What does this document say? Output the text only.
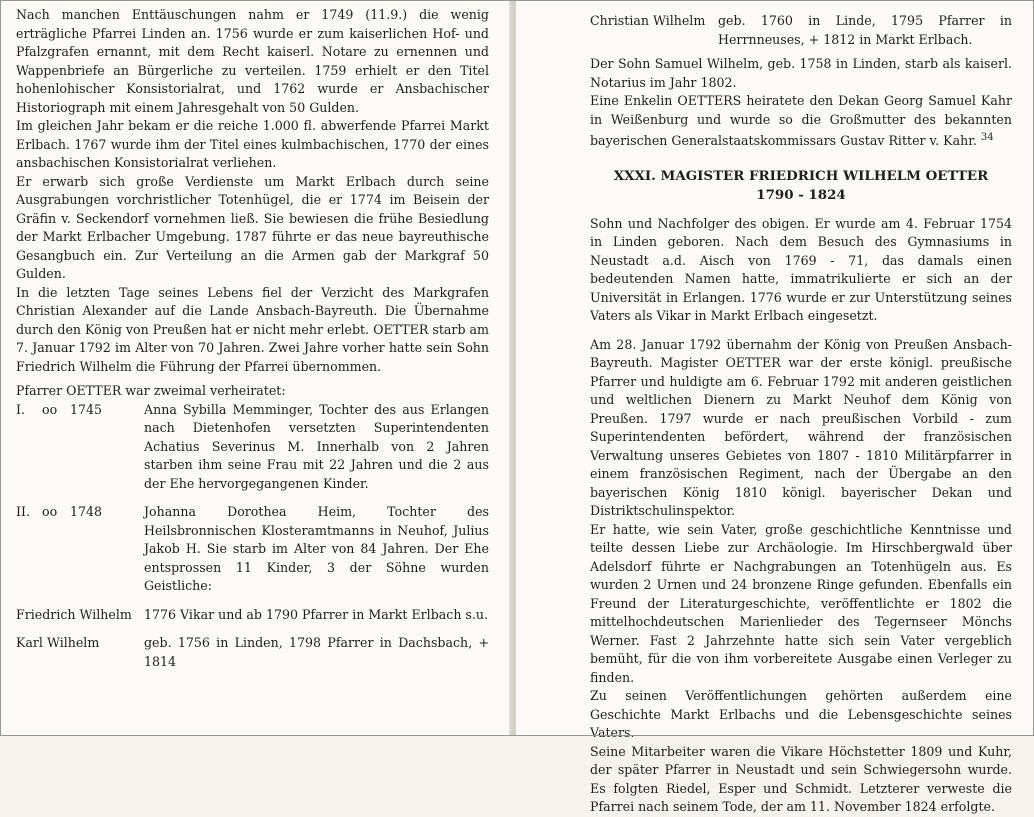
Nach manchen Enttäuschungen nahm er 1749 (11.9.) die wenig erträgliche Pfarrei Linden an. 1756 wurde er zum kaiserlichen Hof- und Pfalzgrafen ernannt, mit dem Recht kaiserl. Notare zu ernennen und Wappenbriefe an Bürgerliche zu verteilen. 1759 erhielt er den Titel hohenlohischer Konsistorialrat, und 1762 wurde er Ansbachischer Historiograph mit einem Jahresgehalt von 50 Gulden.

Im gleichen Jahr bekam er die reiche 1.000 fl. abwerfende Pfarrei Markt Erlbach. 1767 wurde ihm der Titel eines kulmbachischen, 1770 der eines ansbachischen Konsistorialrat verliehen.

Er erwarb sich große Verdienste um Markt Erlbach durch seine Ausgrabungen vorchristlicher Totenhügel, die er 1774 im Beisein der Gräfin v. Seckendorf vornehmen ließ. Sie bewiesen die frühe Besiedlung der Markt Erlbacher Umgebung. 1787 führte er das neue bayreuthische Gesangbuch ein. Zur Verteilung an die Armen gab der Markgraf 50 Gulden.

In die letzten Tage seines Lebens fiel der Verzicht des Markgrafen Christian Alexander auf die Lande Ansbach-Bayreuth. Die Übernahme durch den König von Preußen hat er nicht mehr erlebt. OETTER starb am 7. Januar 1792 im Alter von 70 Jahren. Zwei Jahre vorher hatte sein Sohn Friedrich Wilhelm die Führung der Pfarrei übernommen.

Pfarrer OETTER war zweimal verheiratet:

I.	oo	1745	Anna Sybilla Memminger, Tochter des aus Erlangen nach Dietenhofen versetzten Superintendenten Achatius Severinus M. Innerhalb von 2 Jahren starben ihm seine Frau mit 22 Jahren und die 2 aus der Ehe hervorgegangenen Kinder.
II. oo	1748	Johanna Dorothea Heim, Tochter des Heilsbronnischen Klosteramtmanns in Neuhof, Julius Jakob H. Sie starb im Alter von 84 Jahren. Der Ehe entsprossen 11 Kinder, 3 der Söhne wurden Geistliche:
Friedrich Wilhelm 1776 Vikar und ab 1790 Pfarrer in Markt Erlbach s.u.
Karl Wilhelm	geb. 1756 in Linden, 1798 Pfarrer in Dachsbach, + 1814
Christian Wilhelm	geb. 1760 in Linde, 1795 Pfarrer in Herrnneuses, + 1812 in Markt Erlbach.

Der Sohn Samuel Wilhelm, geb. 1758 in Linden, starb als kaiserl. Notarius im Jahr 1802.

Eine Enkelin OETTERS heiratete den Dekan Georg Samuel Kahr in Weißenburg und wurde so die Großmutter des bekannten bayerischen Generalstaatskommissars Gustav Ritter v. Kahr. $^{34}$

XXXI. MAGISTER FRIEDRICH WILHELM OETTER
1790 - 1824

Sohn und Nachfolger des obigen. Er wurde am 4. Februar 1754 in Linden geboren. Nach dem Besuch des Gymnasiums in Neustadt a.d. Aisch von 1769 - 71, das damals einen bedeutenden Namen hatte, immatrikulierte er sich an der Universität in Erlangen. 1776 wurde er zur Unterstützung seines Vaters als Vikar in Markt Erlbach eingesetzt.

Am 28. Januar 1792 übernahm der König von Preußen Ansbach-Bayreuth. Magister OETTER war der erste königl. preußische Pfarrer und huldigte am 6. Februar 1792 mit anderen geistlichen und weltlichen Dienern zu Markt Neuhof dem König von Preußen. 1797 wurde er nach preußischen Vorbild - zum Superintendenten befördert, während der französischen Verwaltung unseres Gebietes von 1807 - 1810 Militärpfarrer in einem französischen Regiment, nach der Übergabe an den bayerischen König 1810 königl. bayerischer Dekan und Distriktschulinspektor.

Er hatte, wie sein Vater, große geschichtliche Kenntnisse und teilte dessen Liebe zur Archäologie. Im Hirschbergwald über Adelsdorf führte er Nachgrabungen an Totenhügeln aus. Es wurden 2 Urnen und 24 bronzene Ringe gefunden. Ebenfalls ein Freund der Literaturgeschichte, veröffentlichte er 1802 die mittelhochdeutschen Marienlieder des Tegernseer Mönchs Werner. Fast 2 Jahrzehnte hatte sich sein Vater vergeblich bemüht, für die von ihm vorbereitete Ausgabe einen Verleger zu finden.

Zu seinen Veröffentlichungen gehörten außerdem eine Geschichte Markt Erlbachs und die Lebensgeschichte seines Vaters.

Seine Mitarbeiter waren die Vikare Höchstetter 1809 und Kuhr, der später Pfarrer in Neustadt und sein Schwiegersohn wurde. Es folgten Riedel, Esper und Schmidt. Letzterer verweste die Pfarrei nach seinem Tode, der am 11. November 1824 erfolgte.
